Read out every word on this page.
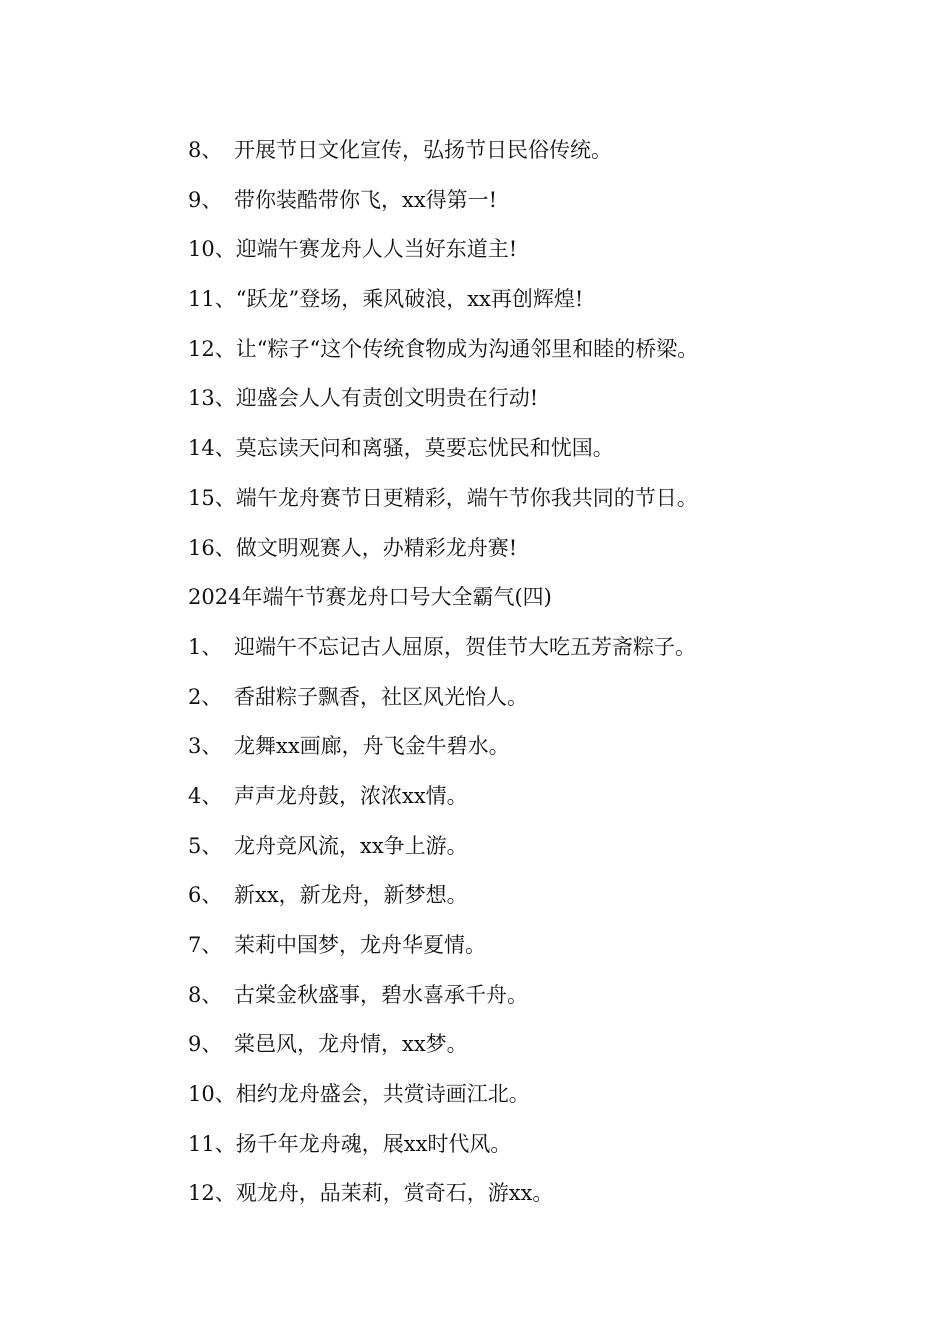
8、 开展节日文化宣传，弘扬节日民俗传统。
9、 带你装酷带你飞，xx得第一!
10、 迎端午赛龙舟人人当好东道主!
11、 “跃龙”登场，乘风破浪，xx再创辉煌!
12、 让“粽子“这个传统食物成为沟通邻里和睦的桥梁。
13、 迎盛会人人有责创文明贵在行动!
14、 莫忘读天问和离骚，莫要忘忧民和忧国。
15、 端午龙舟赛节日更精彩，端午节你我共同的节日。
16、 做文明观赛人，办精彩龙舟赛!
2024年端午节赛龙舟口号大全霸气(四)
1、 迎端午不忘记古人屈原，贺佳节大吃五芳斋粽子。
2、 香甜粽子飘香，社区风光怡人。
3、 龙舞xx画廊，舟飞金牛碧水。
4、 声声龙舟鼓，浓浓xx情。
5、 龙舟竞风流，xx争上游。
6、 新xx，新龙舟，新梦想。
7、 茉莉中国梦，龙舟华夏情。
8、 古棠金秋盛事，碧水喜承千舟。
9、 棠邑风，龙舟情，xx梦。
10、 相约龙舟盛会，共赏诗画江北。
11、 扬千年龙舟魂，展xx时代风。
12、 观龙舟，品茉莉，赏奇石，游xx。
